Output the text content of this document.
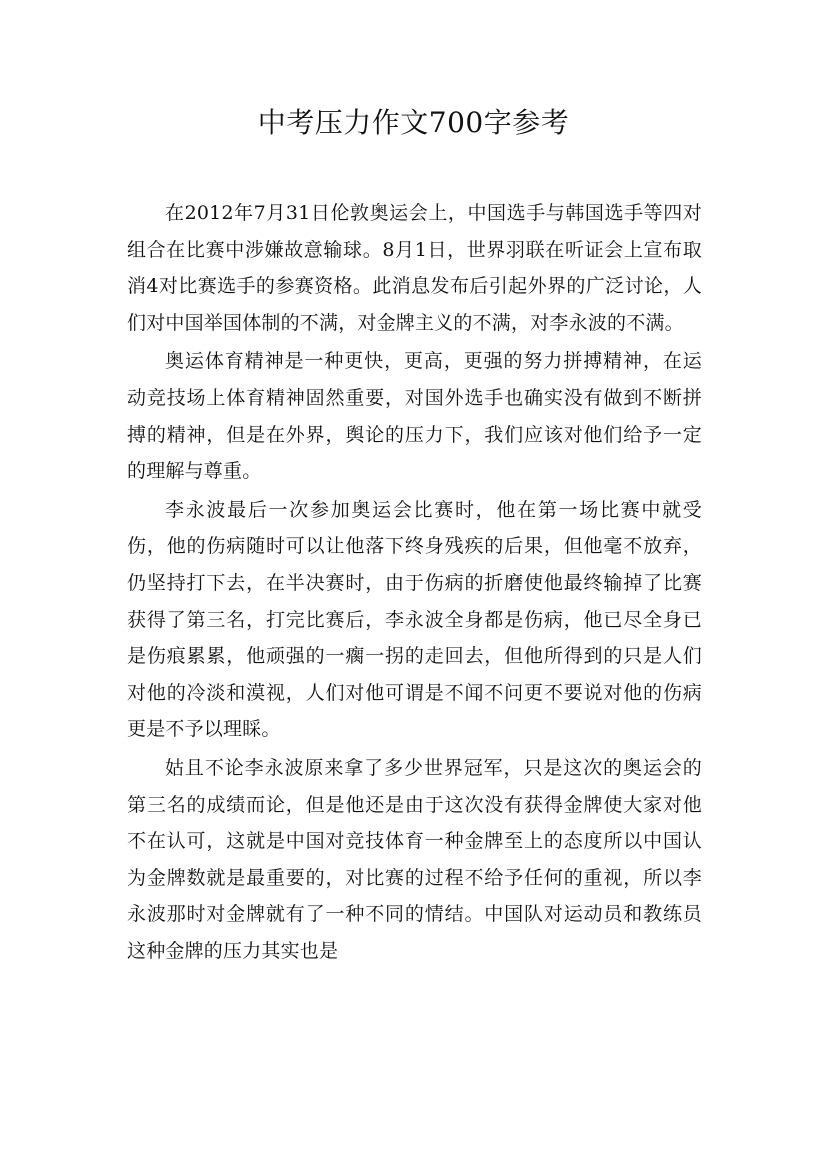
中考压力作文700字参考

在2012年7月31日伦敦奥运会上，中国选手与韩国选手等四对组合在比赛中涉嫌故意输球。8月1日，世界羽联在听证会上宣布取消4对比赛选手的参赛资格。此消息发布后引起外界的广泛讨论，人们对中国举国体制的不满，对金牌主义的不满，对李永波的不满。

奥运体育精神是一种更快，更高，更强的努力拼搏精神，在运动竞技场上体育精神固然重要，对国外选手也确实没有做到不断拼搏的精神，但是在外界，舆论的压力下，我们应该对他们给予一定的理解与尊重。

李永波最后一次参加奥运会比赛时，他在第一场比赛中就受伤，他的伤病随时可以让他落下终身残疾的后果，但他毫不放弃，仍坚持打下去，在半决赛时，由于伤病的折磨使他最终输掉了比赛获得了第三名，打完比赛后，李永波全身都是伤病，他已尽全身已是伤痕累累，他顽强的一瘸一拐的走回去，但他所得到的只是人们对他的冷淡和漠视，人们对他可谓是不闻不问更不要说对他的伤病更是不予以理睬。

姑且不论李永波原来拿了多少世界冠军，只是这次的奥运会的第三名的成绩而论，但是他还是由于这次没有获得金牌使大家对他不在认可，这就是中国对竞技体育一种金牌至上的态度所以中国认为金牌数就是最重要的，对比赛的过程不给予任何的重视，所以李永波那时对金牌就有了一种不同的情结。中国队对运动员和教练员这种金牌的压力其实也是
